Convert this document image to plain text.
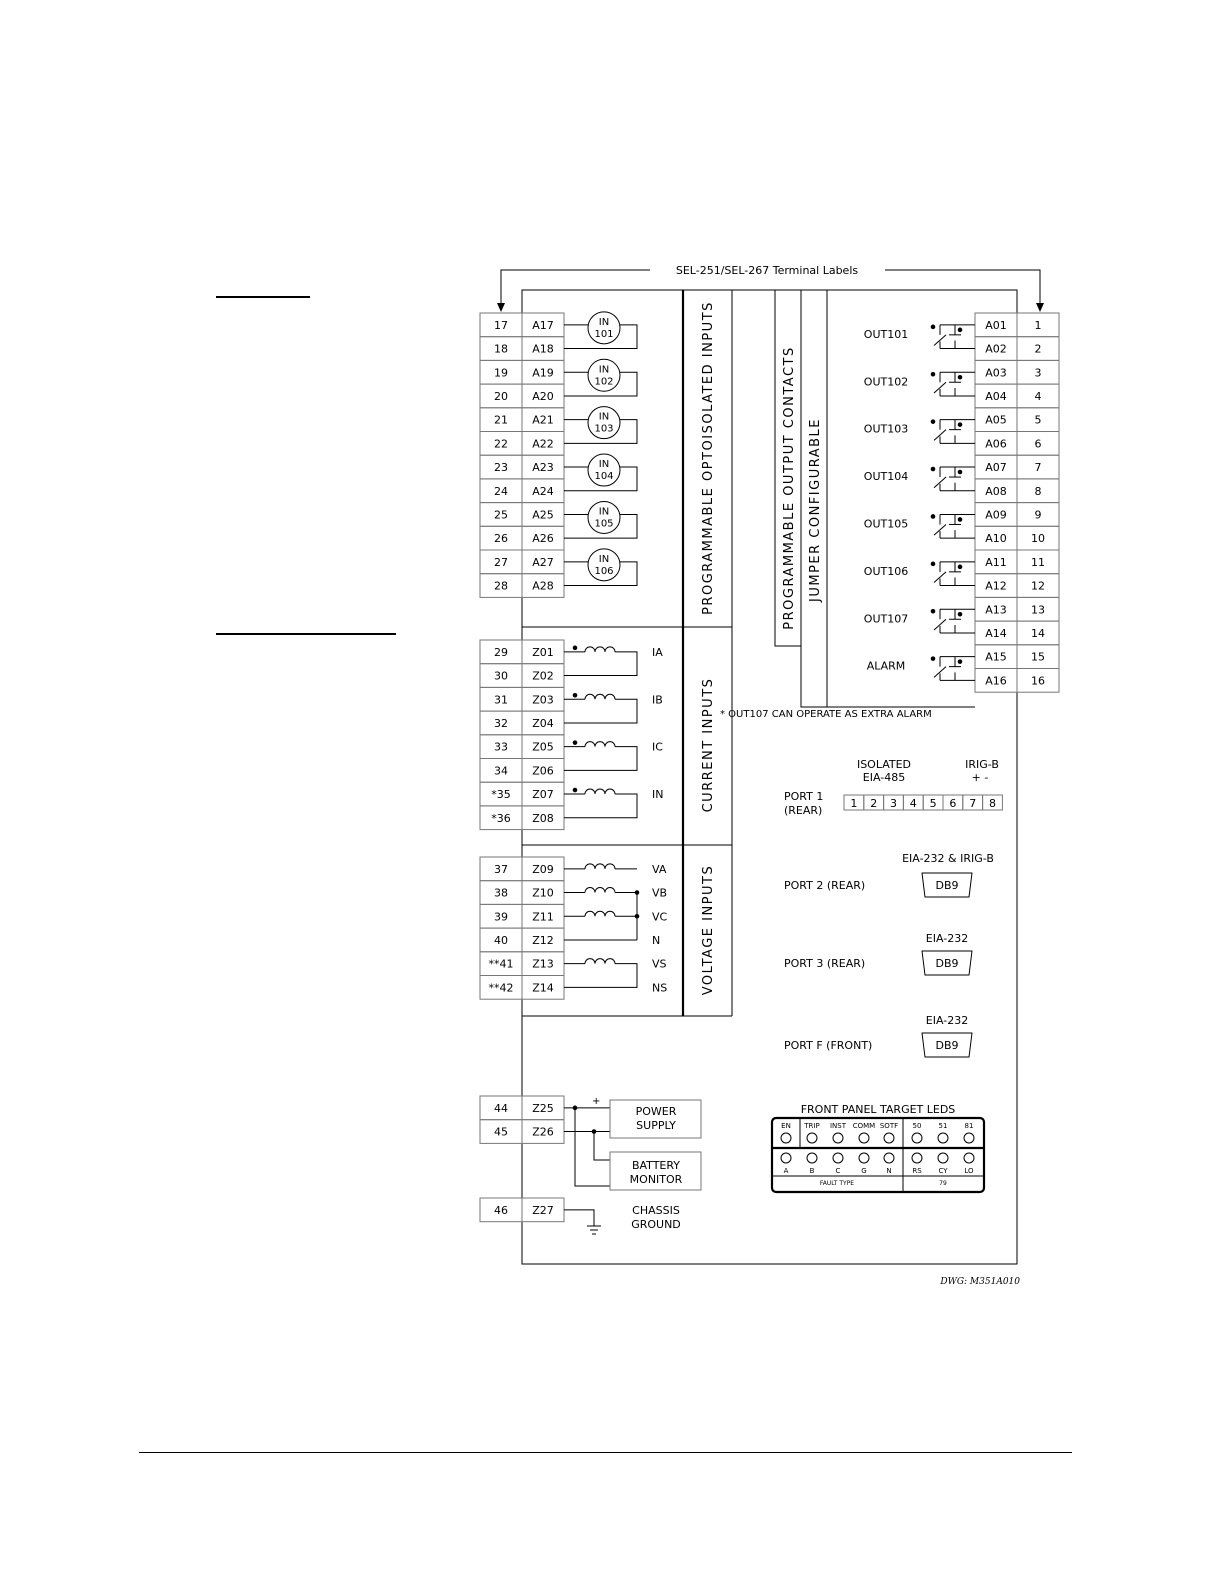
SEL-251/SEL-267 Terminal Labels
PROGRAMMABLE OPTOISOLATED INPUTS
CURRENT INPUTS
VOLTAGE INPUTS
PROGRAMMABLE OUTPUT CONTACTS JUMPER CONFIGURABLE
17 A17
18 A18
19 A19
20 A20
21 A21
22 A22
23 A23
24 A24
25 A25
26 A26
27 A27
28 A28
IN
101
IN
102
IN
103
IN
104
IN
105
IN
106
29 Z01
30 Z02
31 Z03
32 Z04
33 Z05
34 Z06
*35 Z07
*36 Z08
IA
IB
IC
IN
37 Z09
38 Z10
39 Z11
40 Z12
**41 Z13
**42 Z14
VA
VB
VC
N
VS
NS
44 Z25
45 Z26
+
POWER
SUPPLY
BATTERY
MONITOR
46 Z27	CHASSIS
GROUND
A01	1
A02	2
A03	3
A04	4
A05	5
A06	6
A07	7
A08	8
A09	9
A10 10
A11 11
A12 12
A13 13
A14 14
A15 15
A16 16
OUT101
OUT102
OUT103
OUT104
OUT105
OUT106
OUT107
ALARM
ISOLATED
EIA-485
IRIG-B
+ -
PORT 1
(REAR)
1 2 3 4 5 6 7 8
EIA-232 & IRIG-B
PORT 2 (REAR)	DB9
EIA-232
PORT 3 (REAR)	DB9
EIA-232
PORT F (FRONT)	DB9
FRONT PANEL TARGET LEDS
EN TRIP INST COMM SOTF 50 51 81
A	B	C	G	N	RS CY LO
FAULT TYPE	79
* OUT107 CAN OPERATE AS EXTRA ALARM
DWG: M351A010
